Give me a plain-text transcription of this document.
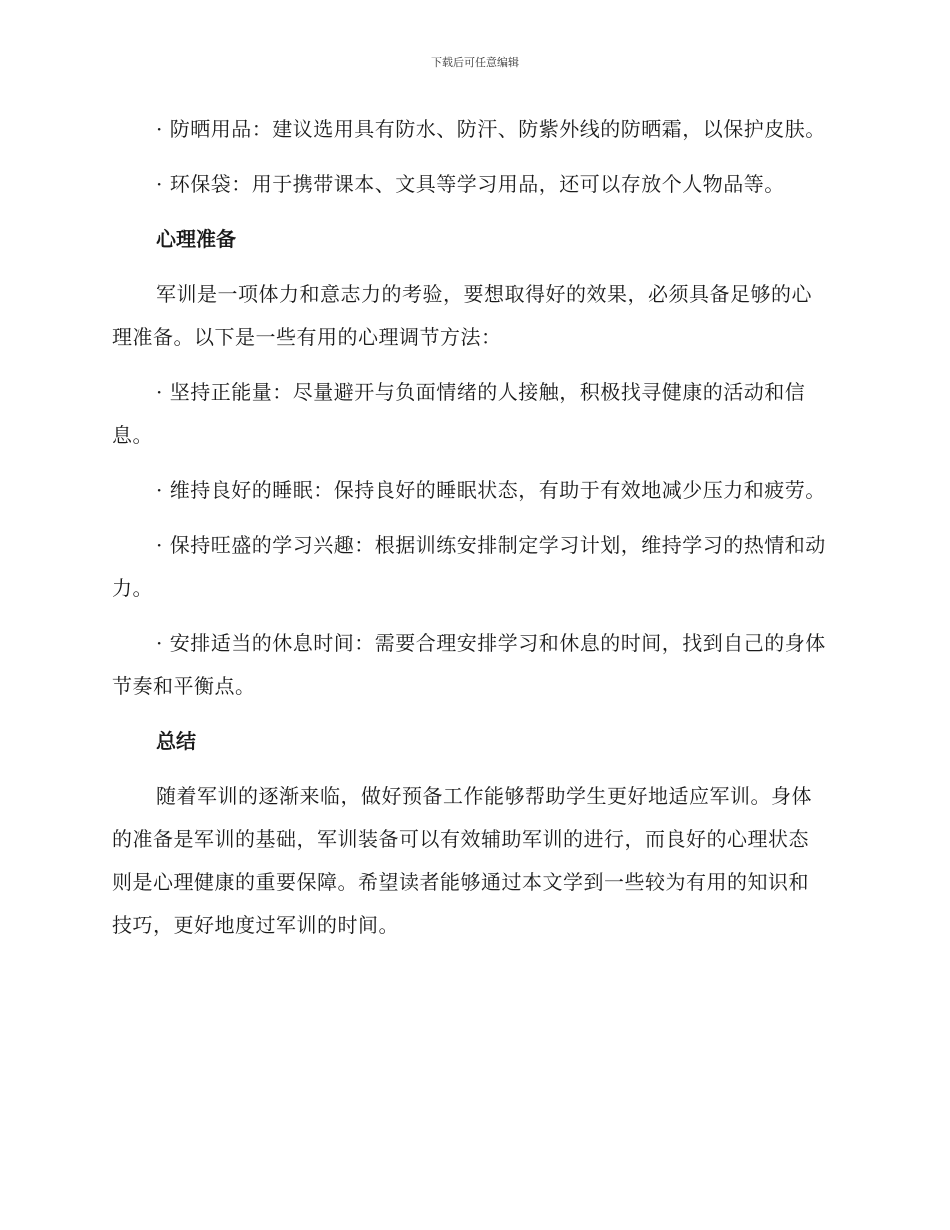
下载后可任意编辑

· 防晒用品：建议选用具有防水、防汗、防紫外线的防晒霜，以保护皮肤。

· 环保袋：用于携带课本、文具等学习用品，还可以存放个人物品等。

心理准备

军训是一项体力和意志力的考验，要想取得好的效果，必须具备足够的心理准备。以下是一些有用的心理调节方法：

· 坚持正能量：尽量避开与负面情绪的人接触，积极找寻健康的活动和信息。

· 维持良好的睡眠：保持良好的睡眠状态，有助于有效地减少压力和疲劳。

· 保持旺盛的学习兴趣：根据训练安排制定学习计划，维持学习的热情和动力。

· 安排适当的休息时间：需要合理安排学习和休息的时间，找到自己的身体节奏和平衡点。

总结

随着军训的逐渐来临，做好预备工作能够帮助学生更好地适应军训。身体的准备是军训的基础，军训装备可以有效辅助军训的进行，而良好的心理状态则是心理健康的重要保障。希望读者能够通过本文学到一些较为有用的知识和技巧，更好地度过军训的时间。
